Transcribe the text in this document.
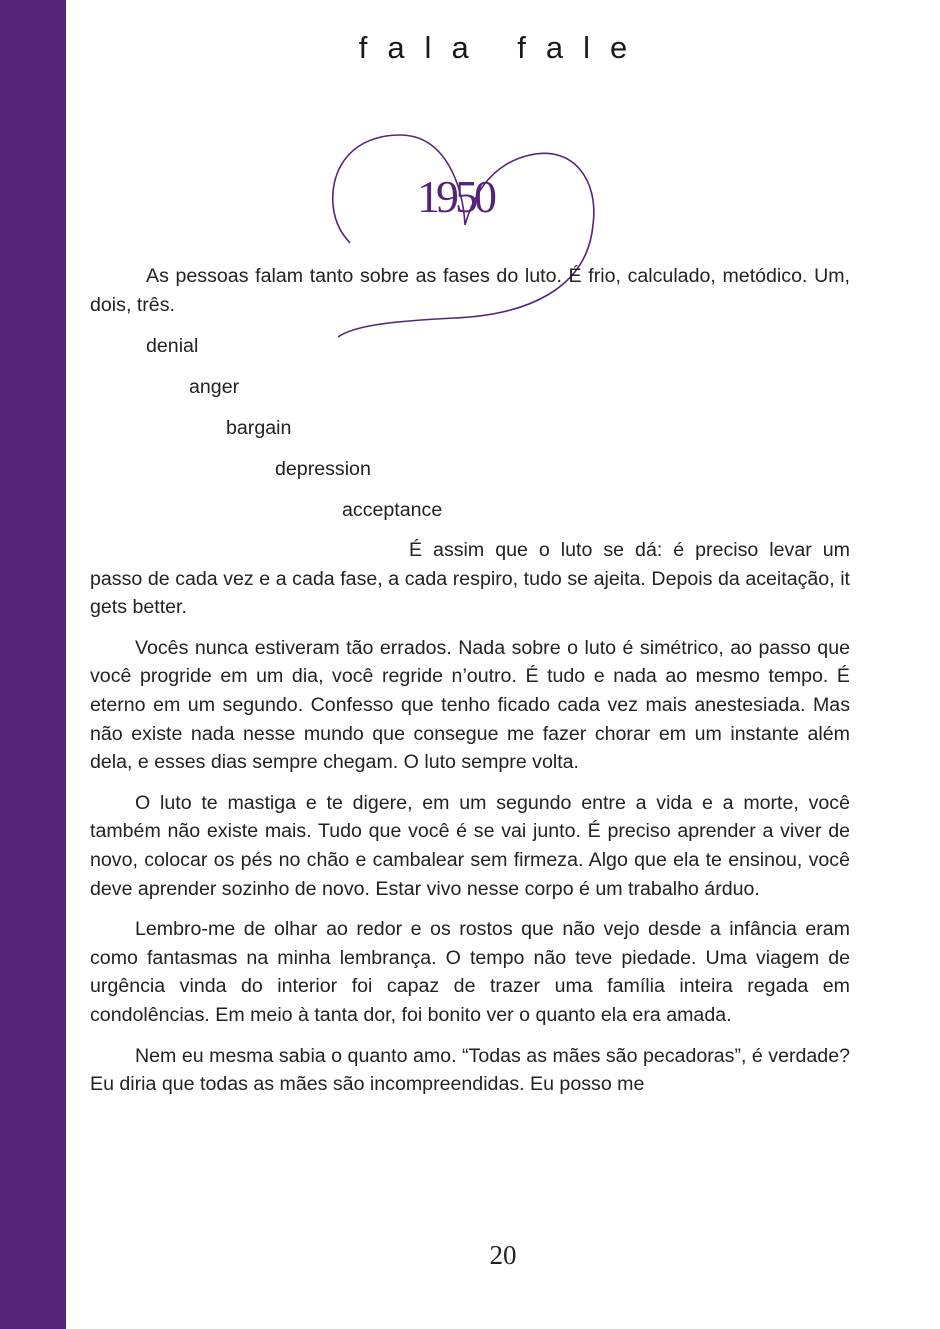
fala fale
1950

As pessoas falam tanto sobre as fases do luto. É frio, calculado, metódico. Um, dois, três.

denial
anger
bargain
depression
acceptance

É assim que o luto se dá: é preciso levar um passo de cada vez e a cada fase, a cada respiro, tudo se ajeita. Depois da aceitação, it gets better.

Vocês nunca estiveram tão errados. Nada sobre o luto é simétrico, ao passo que você progride em um dia, você regride n’outro. É tudo e nada ao mesmo tempo. É eterno em um segundo. Confesso que tenho ficado cada vez mais anestesiada. Mas não existe nada nesse mundo que consegue me fazer chorar em um instante além dela, e esses dias sempre chegam. O luto sempre volta.

O luto te mastiga e te digere, em um segundo entre a vida e a morte, você também não existe mais. Tudo que você é se vai junto. É preciso aprender a viver de novo, colocar os pés no chão e cambalear sem firmeza. Algo que ela te ensinou, você deve aprender sozinho de novo. Estar vivo nesse corpo é um trabalho árduo.

Lembro-me de olhar ao redor e os rostos que não vejo desde a infância eram como fantasmas na minha lembrança. O tempo não teve piedade. Uma viagem de urgência vinda do interior foi capaz de trazer uma família inteira regada em condolências. Em meio à tanta dor, foi bonito ver o quanto ela era amada.

Nem eu mesma sabia o quanto amo. “Todas as mães são pecadoras”, é verdade? Eu diria que todas as mães são incompreendidas. Eu posso me

20
